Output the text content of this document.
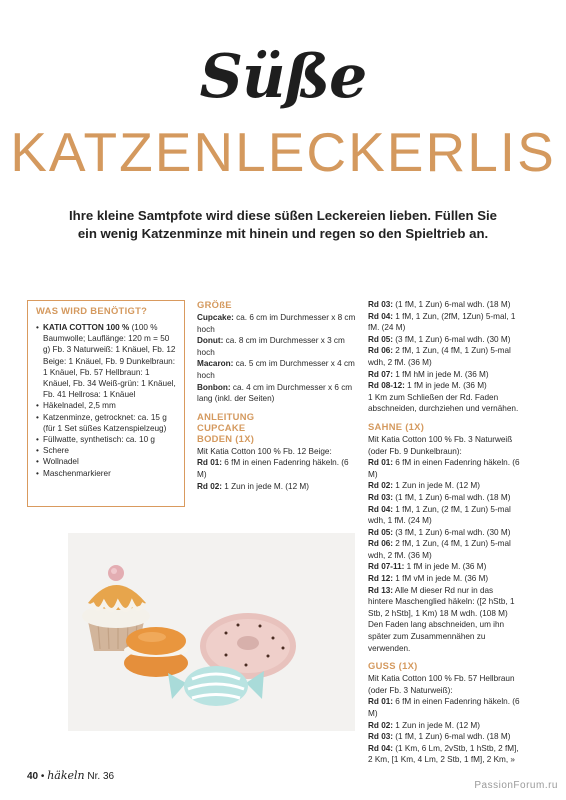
Süße
KATZENLECKERLIS
Ihre kleine Samtpfote wird diese süßen Leckereien lieben. Füllen Sie ein wenig Katzenminze mit hinein und regen so den Spieltrieb an.
WAS WIRD BENÖTIGT?
• KATIA COTTON 100 % (100 % Baumwolle; Lauflänge: 120 m = 50 g) Fb. 3 Naturweiß: 1 Knäuel, Fb. 12 Beige: 1 Knäuel, Fb. 9 Dunkelbraun: 1 Knäuel, Fb. 57 Hellbraun: 1 Knäuel, Fb. 34 Weiß-grün: 1 Knäuel, Fb. 41 Hellrosa: 1 Knäuel
• Häkelnadel, 2,5 mm
• Katzenminze, getrocknet: ca. 15 g (für 1 Set süßes Katzenspielzeug)
• Füllwatte, synthetisch: ca. 10 g
• Schere
• Wollnadel
• Maschenmarkierer
GRÖßE
Cupcake: ca. 6 cm im Durchmesser x 8 cm hoch
Donut: ca. 8 cm im Durchmesser x 3 cm hoch
Macaron: ca. 5 cm im Durchmesser x 4 cm hoch
Bonbon: ca. 4 cm im Durchmesser x 6 cm lang (inkl. der Seiten)
ANLEITUNG
CUPCAKE
BODEN (1X)
Mit Katia Cotton 100 % Fb. 12 Beige:
Rd 01: 6 fM in einen Fadenring häkeln. (6 M)
Rd 02: 1 Zun in jede M. (12 M)
Rd 03: (1 fM, 1 Zun) 6-mal wdh. (18 M)
Rd 04: 1 fM, 1 Zun, (2fM, 1Zun) 5-mal, 1 fM. (24 M)
Rd 05: (3 fM, 1 Zun) 6-mal wdh. (30 M)
Rd 06: 2 fM, 1 Zun, (4 fM, 1 Zun) 5-mal wdh, 2 fM. (36 M)
Rd 07: 1 fM hM in jede M. (36 M)
Rd 08-12: 1 fM in jede M. (36 M)
1 Km zum Schließen der Rd. Faden abschneiden, durchziehen und vernähen.
SAHNE (1X)
Mit Katia Cotton 100 % Fb. 3 Naturweiß (oder Fb. 9 Dunkelbraun):
Rd 01: 6 fM in einen Fadenring häkeln. (6 M)
Rd 02: 1 Zun in jede M. (12 M)
Rd 03: (1 fM, 1 Zun) 6-mal wdh. (18 M)
Rd 04: 1 fM, 1 Zun, (2 fM, 1 Zun) 5-mal wdh, 1 fM. (24 M)
Rd 05: (3 fM, 1 Zun) 6-mal wdh. (30 M)
Rd 06: 2 fM, 1 Zun, (4 fM, 1 Zun) 5-mal wdh, 2 fM. (36 M)
Rd 07-11: 1 fM in jede M. (36 M)
Rd 12: 1 fM vM in jede M. (36 M)
Rd 13: Alle M dieser Rd nur in das hintere Maschenglied häkeln: ([2 hStb, 1 Stb, 2 hStb], 1 Km) 18 M wdh. (108 M)
Den Faden lang abschneiden, um ihn später zum Zusammennähen zu verwenden.
GUSS (1X)
Mit Katia Cotton 100 % Fb. 57 Hellbraun (oder Fb. 3 Naturweiß):
Rd 01: 6 fM in einen Fadenring häkeln. (6 M)
Rd 02: 1 Zun in jede M. (12 M)
Rd 03: (1 fM, 1 Zun) 6-mal wdh. (18 M)
Rd 04: (1 Km, 6 Lm, 2vStb, 1 hStb, 2 fM], 2 Km, [1 Km, 4 Lm, 2 Stb, 1 fM], 2 Km, »
40 • häkeln Nr. 36
PassionForum.ru
